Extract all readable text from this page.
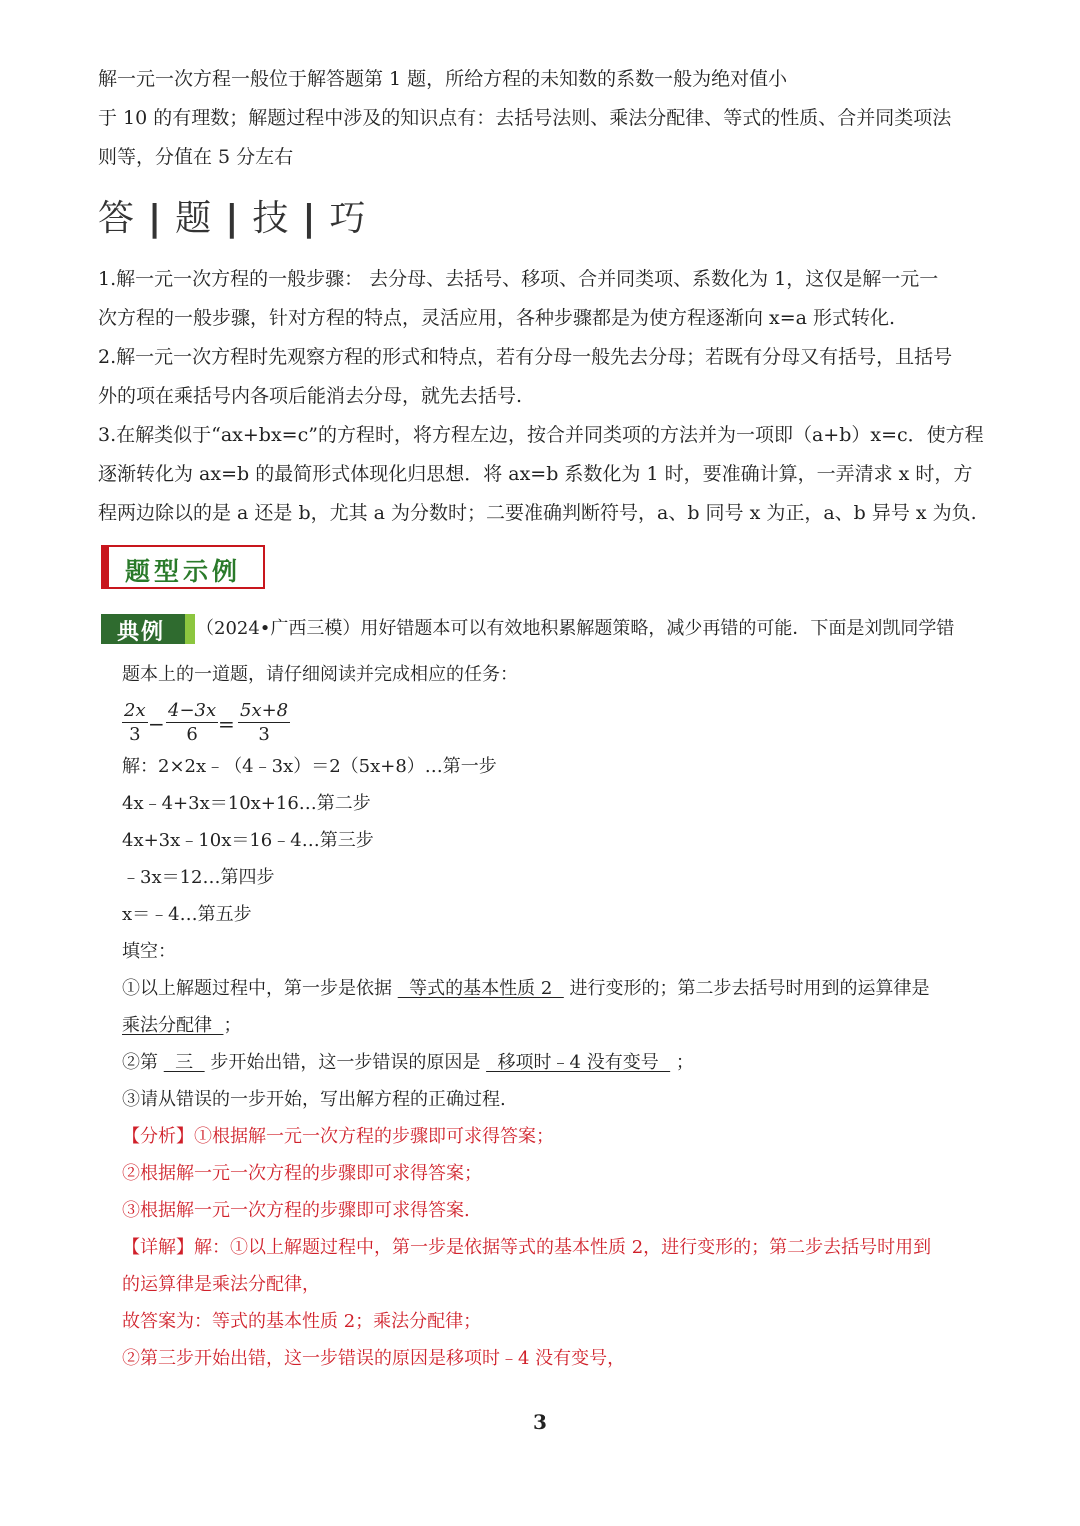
解一元一次方程一般位于解答题第 1 题，所给方程的未知数的系数一般为绝对值小
于 10 的有理数；解题过程中涉及的知识点有：去括号法则、乘法分配律、等式的性质、合并同类项法
则等，分值在 5 分左右
答 | 题 | 技 | 巧
1.解一元一次方程的一般步骤： 去分母、去括号、移项、合并同类项、系数化为 1，这仅是解一元一
次方程的一般步骤，针对方程的特点，灵活应用，各种步骤都是为使方程逐渐向 x=a 形式转化.
2.解一元一次方程时先观察方程的形式和特点，若有分母一般先去分母；若既有分母又有括号，且括号
外的项在乘括号内各项后能消去分母，就先去括号.
3.在解类似于“ax+bx=c”的方程时，将方程左边，按合并同类项的方法并为一项即（a+b）x=c．使方程
逐渐转化为 ax=b 的最简形式体现化归思想．将 ax=b 系数化为 1 时，要准确计算，一弄清求 x 时，方
程两边除以的是 a 还是 b，尤其 a 为分数时；二要准确判断符号，a、b 同号 x 为正，a、b 异号 x 为负.
题型示例
典例 （2024•广西三模）用好错题本可以有效地积累解题策略，减少再错的可能．下面是刘凯同学错
题本上的一道题，请仔细阅读并完成相应的任务：
$\frac{2x}{3} - \frac{4-3x}{6} = \frac{5x+8}{3}$
解：2×2x﹣（4﹣3x）＝2（5x+8）…第一步
4x﹣4+3x＝10x+16…第二步
4x+3x﹣10x＝16﹣4…第三步
﹣3x＝12…第四步
x＝﹣4…第五步
填空：
①以上解题过程中，第一步是依据   等式的基本性质 2   进行变形的；第二步去括号时用到的运算律是
乘法分配律  ；
②第   三   步开始出错，这一步错误的原因是   移项时﹣4 没有变号   ；
③请从错误的一步开始，写出解方程的正确过程.
【分析】①根据解一元一次方程的步骤即可求得答案；
②根据解一元一次方程的步骤即可求得答案；
③根据解一元一次方程的步骤即可求得答案.
【详解】解：①以上解题过程中，第一步是依据等式的基本性质 2，进行变形的；第二步去括号时用到
的运算律是乘法分配律，
故答案为：等式的基本性质 2；乘法分配律；
②第三步开始出错，这一步错误的原因是移项时﹣4 没有变号，
3
